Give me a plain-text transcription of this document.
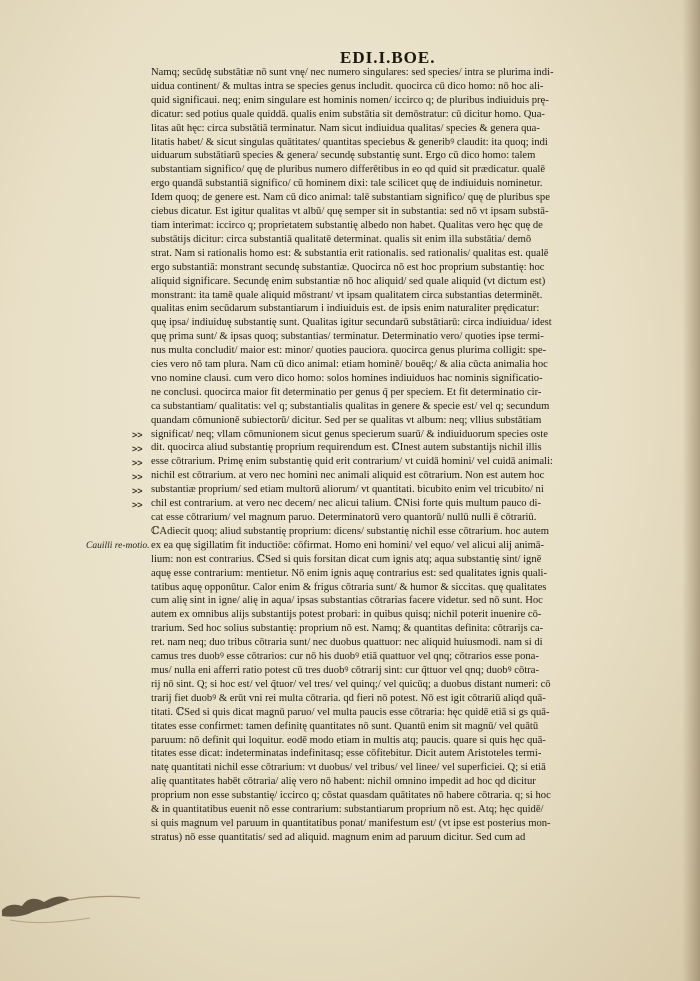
EDI.I.BOE.
Cauilli re-motio.
Namq; secūdę substātiæ nō sunt vnę/ nec numero singulares: sed species/ intra se plurima indi-
uidua continent/ & multas intra se species genus includit. quocirca cū dico homo: nō hoc ali-
quid significaui. neq; enim singulare est hominis nomen/ iccirco q; de pluribus indiuiduis prę-
dicatur: sed potius quale quiddā. qualis enim substātia sit demōstratur: cū dicitur homo. Qua-
litas aūt hęc: circa substātiā terminatur. Nam sicut indiuidua qualitas/ species & genera qua-
litatis habet/ & sicut singulas quātitates/ quantitas speciebus & generibꝰ claudit: ita quoq; indi
uiduarum substātiarū species & genera/ secundę substantię sunt. Ergo cū dico homo: talem
substantiam significo/ quę de pluribus numero differētibus in eo qd quid sit prædicatur. qualē
ergo quandā substantiā significo/ cū hominem dixi: tale scilicet quę de indiuiduis nominetur.
Idem quoq; de genere est. Nam cū dico animal: talē substantiam significo/ quę de pluribus spe
ciebus dicatur. Est igitur qualitas vt albū/ quę semper sit in substantia: sed nō vt ipsam substā-
tiam interimat: iccirco q; proprietatem substantię albedo non habet. Qualitas vero hęc quę de
substātijs dicitur: circa substantiā qualitatē determinat. qualis sit enim illa substātia/ demō
strat. Nam si rationalis homo est: & substantia erit rationalis. sed rationalis/ qualitas est. qualē
ergo substantiā: monstrant secundę substantiæ. Quocirca nō est hoc proprium substantię: hoc
aliquid significare. Secundę enim substantiæ nō hoc aliquid/ sed quale aliquid (vt dictum est)
monstrant: ita tamē quale aliquid mōstrant/ vt ipsam qualitatem circa substantias determinēt.
qualitas enim secūdarum substantiarum i indiuiduis est. de ipsis enim naturaliter prędicatur:
quę ipsa/ indiuiduę substantię sunt. Qualitas igitur secundarū substātiarū: circa indiuidua/ idest
quę prima sunt/ & ipsas quoq; substantias/ terminatur. Determinatio vero/ quoties ipse termi-
nus multa concludit/ maior est: minor/ quoties pauciora. quocirca genus plurima colligit: spe-
cies vero nō tam plura. Nam cū dico animal: etiam hominē/ bouēq;/ & alia cūcta animalia hoc
vno nomine clausi. cum vero dico homo: solos homines indiuiduos hac nominis significatio-
ne conclusi. quocirca maior fit determinatio per genus q̃ per speciem. Et fit determinatio cir-
ca substantiam/ qualitatis: vel q; substantialis qualitas in genere & specie est/ vel q; secundum
quandam cōmunionē subiectorū/ dicitur. Sed per se qualitas vt album: neq; vllius substātiam
significat/ neq; vllam cōmunionem sicut genus specierum suarū/ & indiuiduorum species oste
dit. quocirca aliud substantię proprium requirendum est. ℂInest autem substantijs nichil illis
esse cōtrarium. Primę enim substantię quid erit contrarium/ vt cuidā homini/ vel cuidā animali:
nichil est cōtrarium. at vero nec homini nec animali aliquid est cōtrarium. Non est autem hoc
substantiæ proprium/ sed etiam multorū aliorum/ vt quantitati. bicubito enim vel tricubito/ ni
chil est contrarium. at vero nec decem/ nec alicui talium. ℂNisi forte quis multum pauco di-
cat esse cōtrarium/ vel magnum paruo. Determinatorū vero quantorū/ nullū nulli ē cōtrariū.
ℂAdiecit quoq; aliud substantię proprium: dicens/ substantię nichil esse cōtrarium. hoc autem
ex ea quę sigillatim fit inductiōe: cōfirmat. Homo eni homini/ vel equo/ vel alicui alij animā-
lium: non est contrarius. ℂSed si quis forsitan dicat cum ignis atq; aqua substantię sint/ ignē
aquę esse contrarium: mentietur. Nō enim ignis aquę contrarius est: sed qualitates ignis quali-
tatibus aquę opponūtur. Calor enim & frigus cōtraria sunt/ & humor & siccitas. quę qualitates
cum alię sint in igne/ alię in aqua/ ipsas substantias cōtrarias facere videtur. sed nō sunt. Hoc
autem ex omnibus alijs substantijs potest probari: in quibus quisq; nichil poterit inuenire cō-
trarium. Sed hoc solius substantię: proprium nō est. Namq; & quantitas definita: cōtrarijs ca-
ret. nam neq; duo tribus cōtraria sunt/ nec duobus quattuor: nec aliquid huiusmodi. nam si di
camus tres duobꝰ esse cōtrarios: cur nō his duobꝰ etiā quattuor vel qnq; cōtrarios esse pona-
mus/ nulla eni afferri ratio potest cū tres duobꝰ cōtrarij sint: cur q̃ttuor vel qnq; duobꝰ cōtra-
rij nō sint. Q; si hoc est/ vel q̃tuor/ vel tres/ vel quinq;/ vel quicūq; a duobus distant numeri: cō
trarij fiet duobꝰ & erūt vni rei multa cōtraria. qd fieri nō potest. Nō est igit cōtrariū aliqd quā-
titati. ℂSed si quis dicat magnū paruo/ vel multa paucis esse cōtraria: hęc quidē etiā si gs quā-
titates esse confirmet: tamen definitę quantitates nō sunt. Quantū enim sit magnū/ vel quātū
paruum: nō definit qui loquitur. eodē modo etiam in multis atq; paucis. quare si quis hęc quā-
titates esse dicat: indeterminatas indefinitasq; esse cōfitebitur. Dicit autem Aristoteles termi-
natę quantitati nichil esse cōtrarium: vt duobus/ vel tribus/ vel linee/ vel superficiei. Q; si etiā
alię quantitates habēt cōtraria/ alię vero nō habent: nichil omnino impedit ad hoc qd dicitur
proprium non esse substantię/ iccirco q; cōstat quasdam quātitates nō habere cōtraria. q; si hoc
& in quantitatibus euenit nō esse contrarium: substantiarum proprium nō est. Atq; hęc quidē/
si quis magnum vel paruum in quantitatibus ponat/ manifestum est/ (vt ipse est posterius mon-
stratus) nō esse quantitatis/ sed ad aliquid. magnum enim ad paruum dicitur. Sed cum ad
>>
>>
>>
>>
>>
>>
